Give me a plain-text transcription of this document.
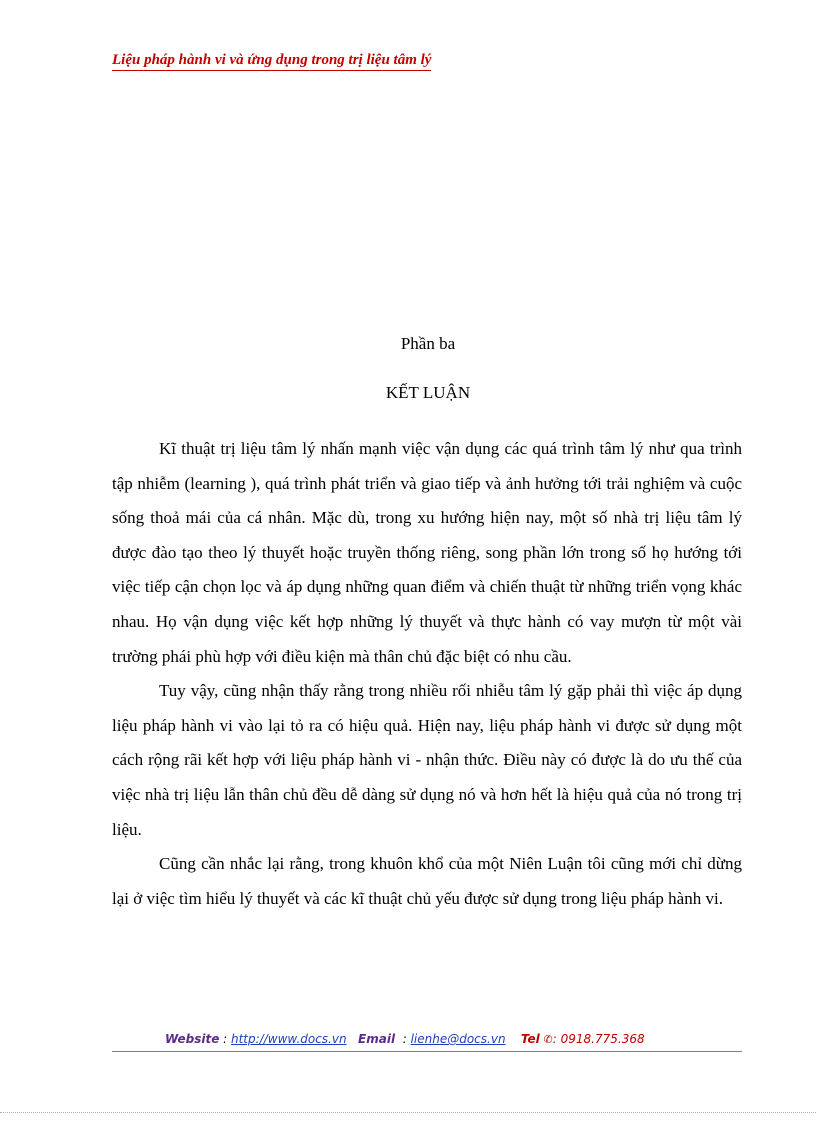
Liệu pháp hành vi và ứng dụng trong trị liệu tâm lý
Phần ba
KẾT LUẬN

Kĩ thuật trị liệu tâm lý nhấn mạnh việc vận dụng các quá trình tâm lý như qua trình tập nhiễm (learning ), quá trình phát triển và giao tiếp và ảnh hưởng tới trải nghiệm và cuộc sống thoả mái của cá nhân. Mặc dù, trong xu hướng hiện nay, một số nhà trị liệu tâm lý được đào tạo theo lý thuyết hoặc truyền thống riêng, song phần lớn trong số họ hướng tới việc tiếp cận chọn lọc và áp dụng những quan điểm và chiến thuật từ những triển vọng khác nhau. Họ vận dụng việc kết hợp những lý thuyết và thực hành có vay mượn từ một vài trường phái phù hợp với điều kiện mà thân chủ đặc biệt có nhu cầu.

Tuy vậy, cũng nhận thấy rằng trong nhiều rối nhiễu tâm lý gặp phải thì việc áp dụng liệu pháp hành vi vào lại tỏ ra có hiệu quả. Hiện nay, liệu pháp hành vi được sử dụng một cách rộng rãi kết hợp với liệu pháp hành vi - nhận thức. Điều này có được là do ưu thế của việc nhà trị liệu lẫn thân chủ đều dễ dàng sử dụng nó và hơn hết là hiệu quả của nó trong trị liệu.

Cũng cần nhắc lại rằng, trong khuôn khổ của một Niên Luận tôi cũng mới chỉ dừng lại ở việc tìm hiểu lý thuyết và các kĩ thuật chủ yếu được sử dụng trong liệu pháp hành vi.

Website : http://www.docs.vn Email  : lienhe@docs.vn Tel ✆: 0918.775.368
